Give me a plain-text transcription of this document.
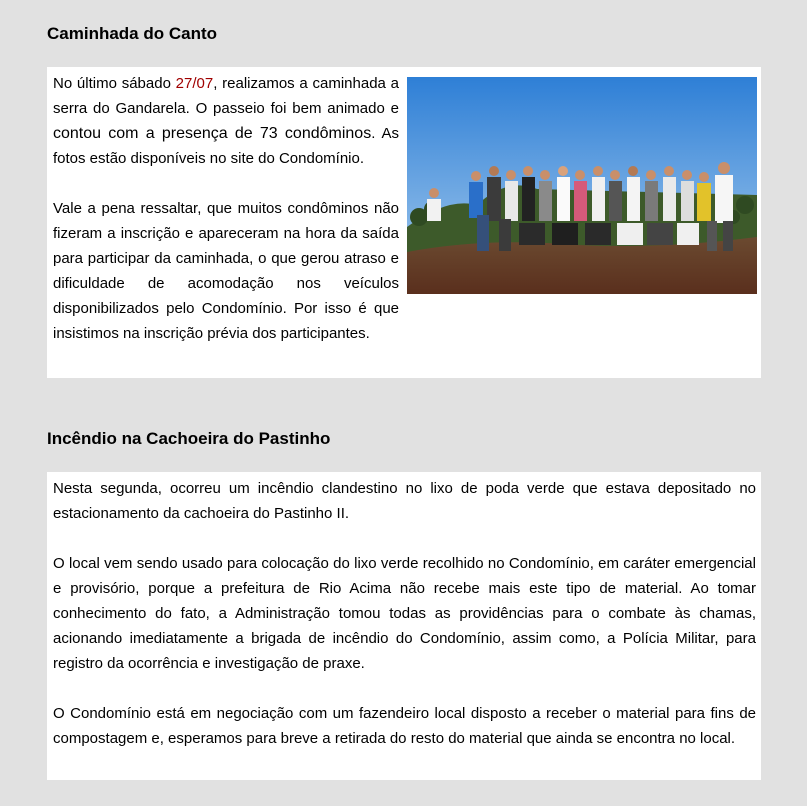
Caminhada do Canto

No último sábado 27/07, realizamos a caminhada a serra do Gandarela. O passeio foi bem animado e contou com a presença de 73 condôminos. As fotos estão disponíveis no site do Condomínio.

Vale a pena ressaltar, que muitos condôminos não fizeram a inscrição e apareceram na hora da saída para participar da caminhada, o que gerou atraso e dificuldade de acomodação nos veículos disponibilizados pelo Condomínio. Por isso é que insistimos na inscrição prévia dos participantes.

Incêndio na Cachoeira do Pastinho

Nesta segunda, ocorreu um incêndio clandestino no lixo de poda verde que estava depositado no estacionamento da cachoeira do Pastinho II.

O local vem sendo usado para colocação do lixo verde recolhido no Condomínio, em caráter emergencial e provisório, porque a prefeitura de Rio Acima não recebe mais este tipo de material. Ao tomar conhecimento do fato, a Administração tomou todas as providências para o combate às chamas, acionando imediatamente a brigada de incêndio do Condomínio, assim como, a Polícia Militar, para registro da ocorrência e investigação de praxe.

O Condomínio está em negociação com um fazendeiro local disposto a receber o material para fins de compostagem e, esperamos para breve a retirada do resto do material que ainda se encontra no local.
